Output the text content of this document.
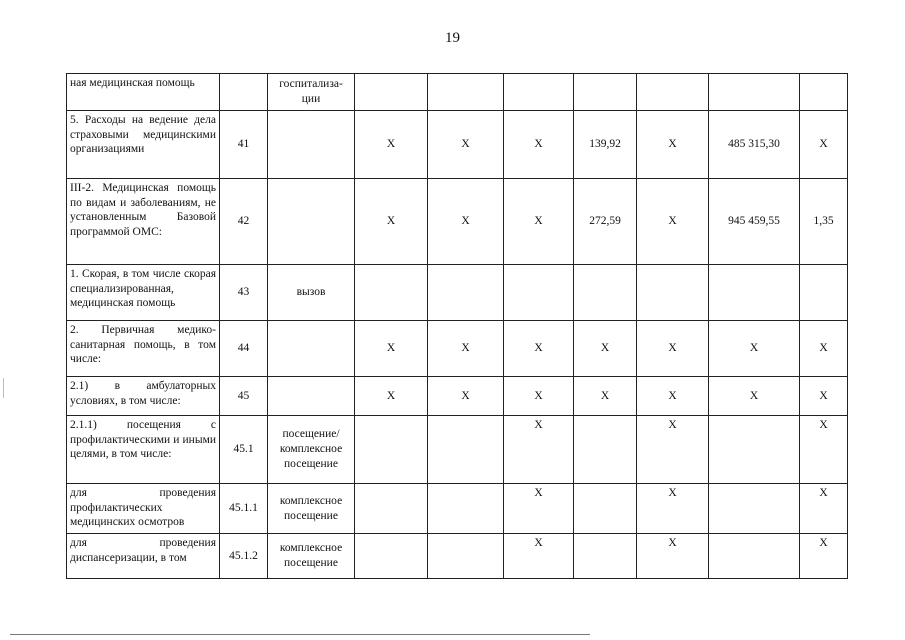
19
ная медицинская помощь		госпитализа-ции							
5. Расходы на ведение дела страховыми медицинскими организациями	41		X	X	X	139,92	X	485 315,30	X
III-2. Медицинская помощь по видам и заболеваниям, не установленным Базовой программой ОМС:	42		X	X	X	272,59	X	945 459,55	1,35
1. Скорая, в том числе скорая специализированная, медицинская помощь	43	вызов							
2. Первичная медико-санитарная помощь, в том числе:	44		X	X	X	X	X	X	X
2.1) в амбулаторных условиях, в том числе:	45		X	X	X	X	X	X	X
2.1.1) посещения с профилактическими и иными целями, в том числе:	45.1	посещение/ комплексное посещение			X		X		X
для проведения профилактических медицинских осмотров	45.1.1	комплексное посещение			X		X		X
для проведения диспансеризации, в том	45.1.2	комплексное посещение			X		X		X
